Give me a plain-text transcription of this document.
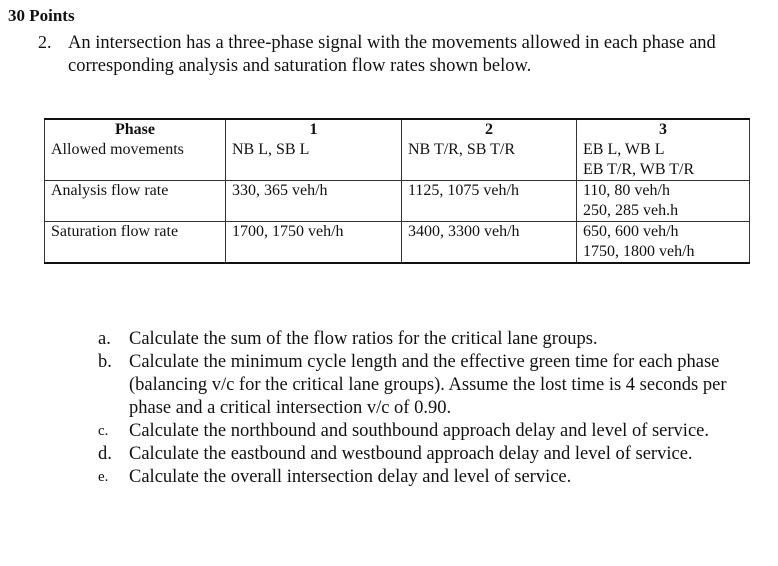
30 Points
2. An intersection has a three-phase signal with the movements allowed in each phase and corresponding analysis and saturation flow rates shown below.
Phase	1	2	3
Allowed movements	NB L, SB L	NB T/R, SB T/R	EB L, WB L
EB T/R, WB T/R

Analysis flow rate	330, 365 veh/h	1125, 1075 veh/h	110, 80 veh/h
250, 285 veh.h

Saturation flow rate	1700, 1750 veh/h	3400, 3300 veh/h	650, 600 veh/h
1750, 1800 veh/h
a. Calculate the sum of the flow ratios for the critical lane groups.
b. Calculate the minimum cycle length and the effective green time for each phase (balancing v/c for the critical lane groups). Assume the lost time is 4 seconds per phase and a critical intersection v/c of 0.90.
c. Calculate the northbound and southbound approach delay and level of service.
d. Calculate the eastbound and westbound approach delay and level of service.
e. Calculate the overall intersection delay and level of service.
